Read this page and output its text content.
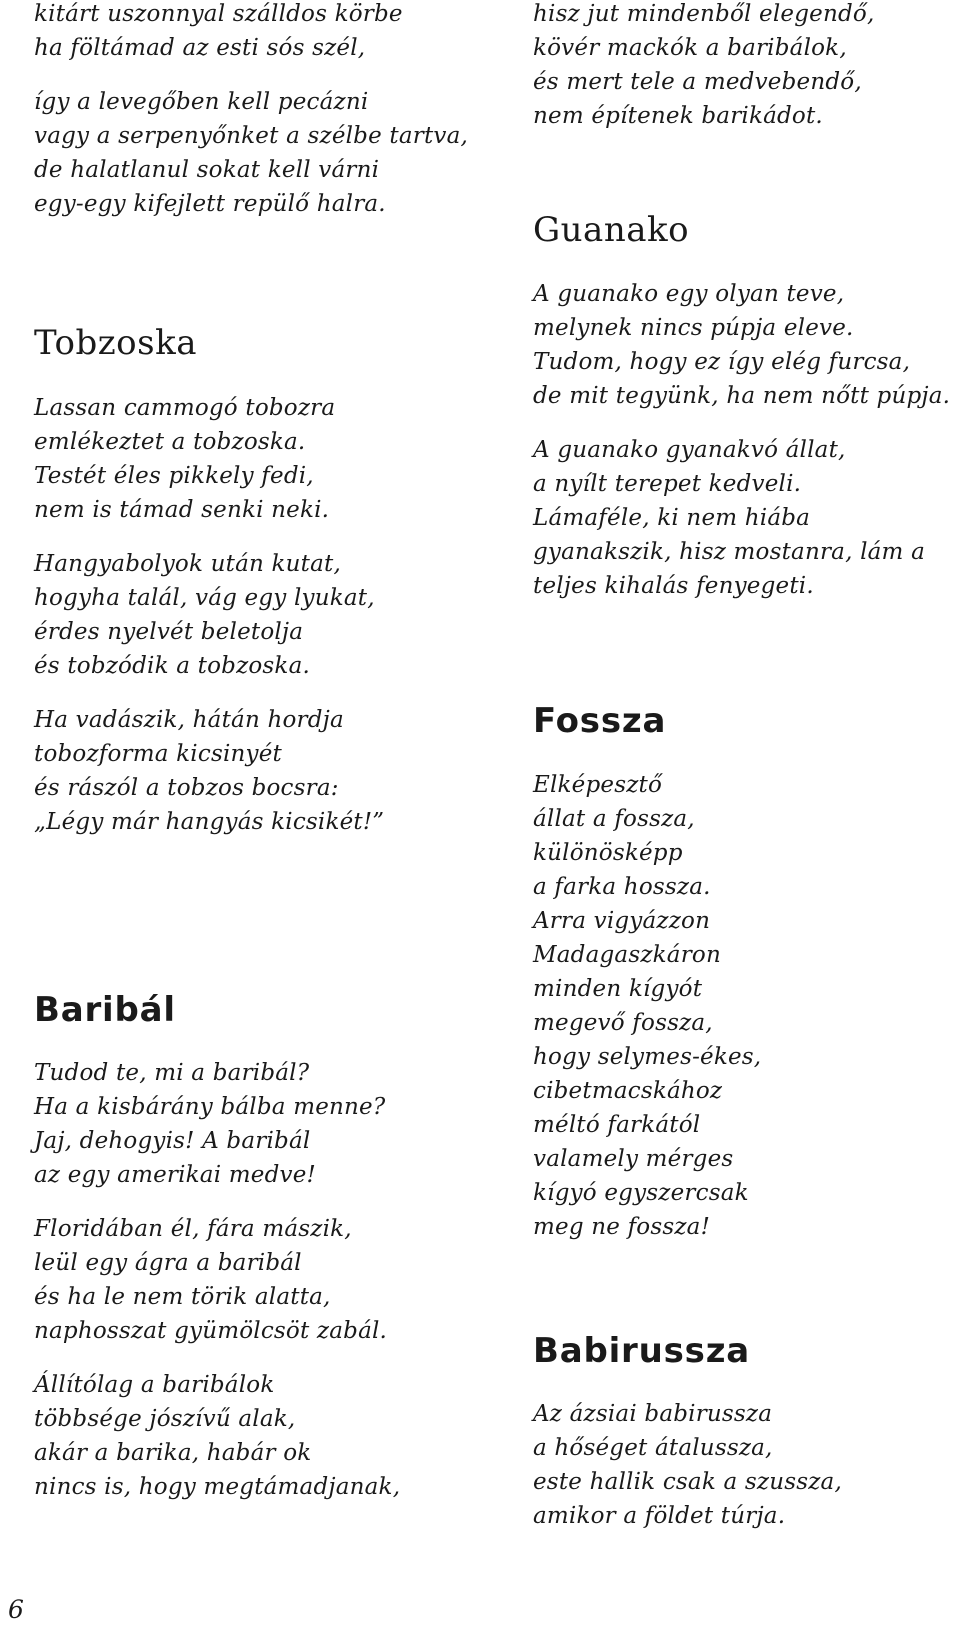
kitárt uszonnyal szálldos körbe
ha föltámad az esti sós szél,
így a levegőben kell pecázni
vagy a serpenyőnket a szélbe tartva,
de halatlanul sokat kell várni
egy-egy kifejlett repülő halra.
Tobzoska
Lassan cammogó tobozra
emlékeztet a tobzoska.
Testét éles pikkely fedi,
nem is támad senki neki.
Hangyabolyok után kutat,
hogyha talál, vág egy lyukat,
érdes nyelvét beletolja
és tobzódik a tobzoska.
Ha vadászik, hátán hordja
tobozforma kicsinyét
és rászól a tobzos bocsra:
„Légy már hangyás kicsikét!”
Baribál
Tudod te, mi a baribál?
Ha a kisbárány bálba menne?
Jaj, dehogyis! A baribál
az egy amerikai medve!
Floridában él, fára mászik,
leül egy ágra a baribál
és ha le nem törik alatta,
naphosszat gyümölcsöt zabál.
Állítólag a baribálok
többsége jószívű alak,
akár a barika, habár ok
nincs is, hogy megtámadjanak,
hisz jut mindenből elegendő,
kövér mackók a baribálok,
és mert tele a medvebendő,
nem építenek barikádot.
Guanako
A guanako egy olyan teve,
melynek nincs púpja eleve.
Tudom, hogy ez így elég furcsa,
de mit tegyünk, ha nem nőtt púpja.
A guanako gyanakvó állat,
a nyílt terepet kedveli.
Lámaféle, ki nem hiába
gyanakszik, hisz mostanra, lám a
teljes kihalás fenyegeti.
Fossza
Elképesztő
állat a fossza,
különösképp
a farka hossza.
Arra vigyázzon
Madagaszkáron
minden kígyót
megevő fossza,
hogy selymes-ékes,
cibetmacskához
méltó farkától
valamely mérges
kígyó egyszercsak
meg ne fossza!
Babirussza
Az ázsiai babirussza
a hőséget átalussza,
este hallik csak a szussza,
amikor a földet túrja.
6
